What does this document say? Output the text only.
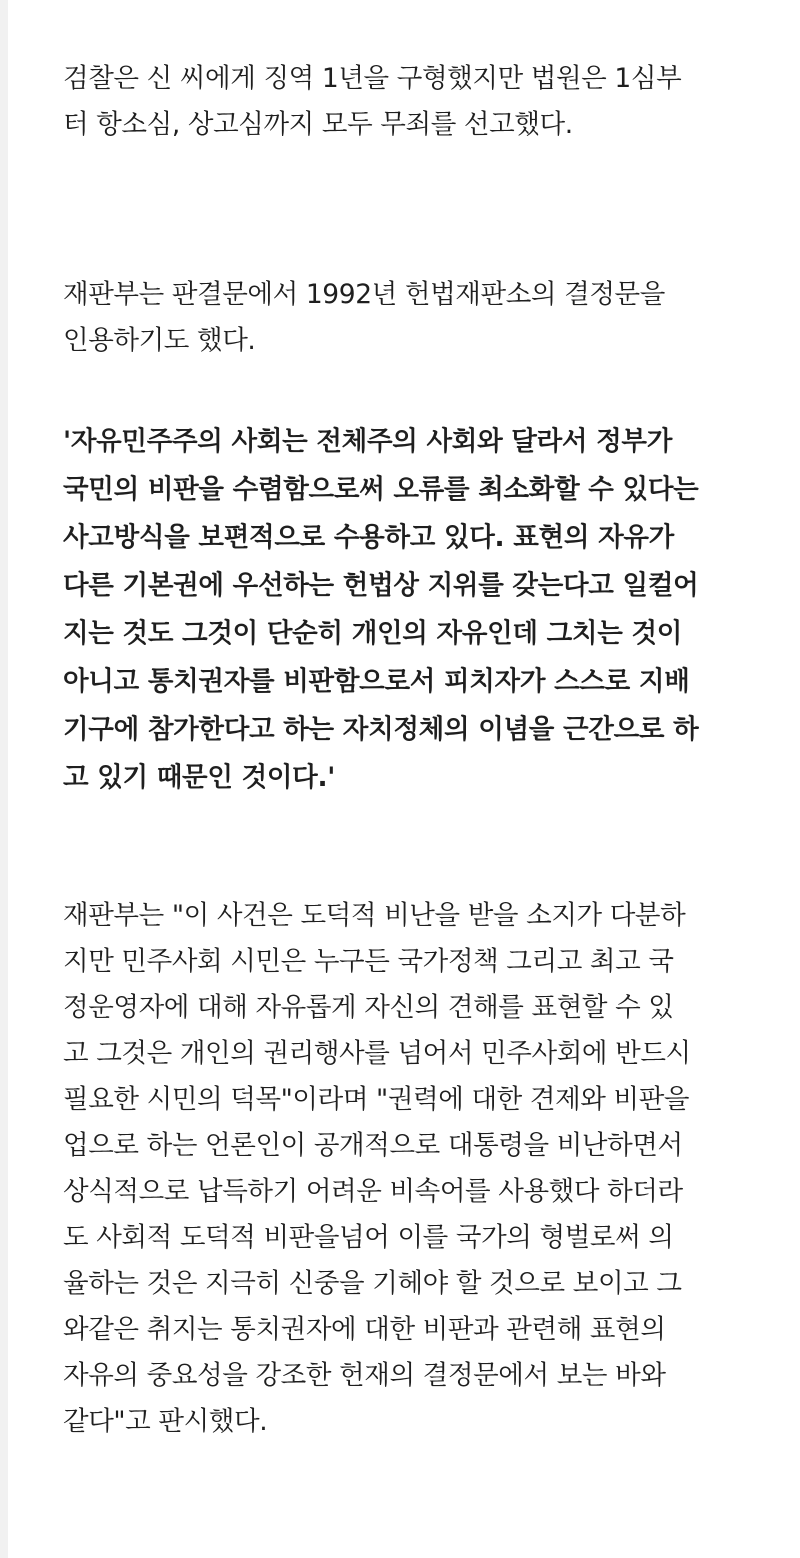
검찰은 신 씨에게 징역 1년을 구형했지만 법원은 1심부
터 항소심, 상고심까지 모두 무죄를 선고했다.

재판부는 판결문에서 1992년 헌법재판소의 결정문을
인용하기도 했다.

'자유민주주의 사회는 전체주의 사회와 달라서 정부가
국민의 비판을 수렴함으로써 오류를 최소화할 수 있다는
사고방식을 보편적으로 수용하고 있다. 표현의 자유가
다른 기본권에 우선하는 헌법상 지위를 갖는다고 일컬어
지는 것도 그것이 단순히 개인의 자유인데 그치는 것이
아니고 통치권자를 비판함으로서 피치자가 스스로 지배
기구에 참가한다고 하는 자치정체의 이념을 근간으로 하
고 있기 때문인 것이다.'

재판부는 "이 사건은 도덕적 비난을 받을 소지가 다분하
지만 민주사회 시민은 누구든 국가정책 그리고 최고 국
정운영자에 대해 자유롭게 자신의 견해를 표현할 수 있
고 그것은 개인의 권리행사를 넘어서 민주사회에 반드시
필요한 시민의 덕목"이라며 "권력에 대한 견제와 비판을
업으로 하는 언론인이 공개적으로 대통령을 비난하면서
상식적으로 납득하기 어려운 비속어를 사용했다 하더라
도 사회적 도덕적 비판을넘어 이를 국가의 형벌로써 의
율하는 것은 지극히 신중을 기헤야 할 것으로 보이고 그
와같은 취지는 통치권자에 대한 비판과 관련해 표현의
자유의 중요성을 강조한 헌재의 결정문에서 보는 바와
같다"고 판시했다.
